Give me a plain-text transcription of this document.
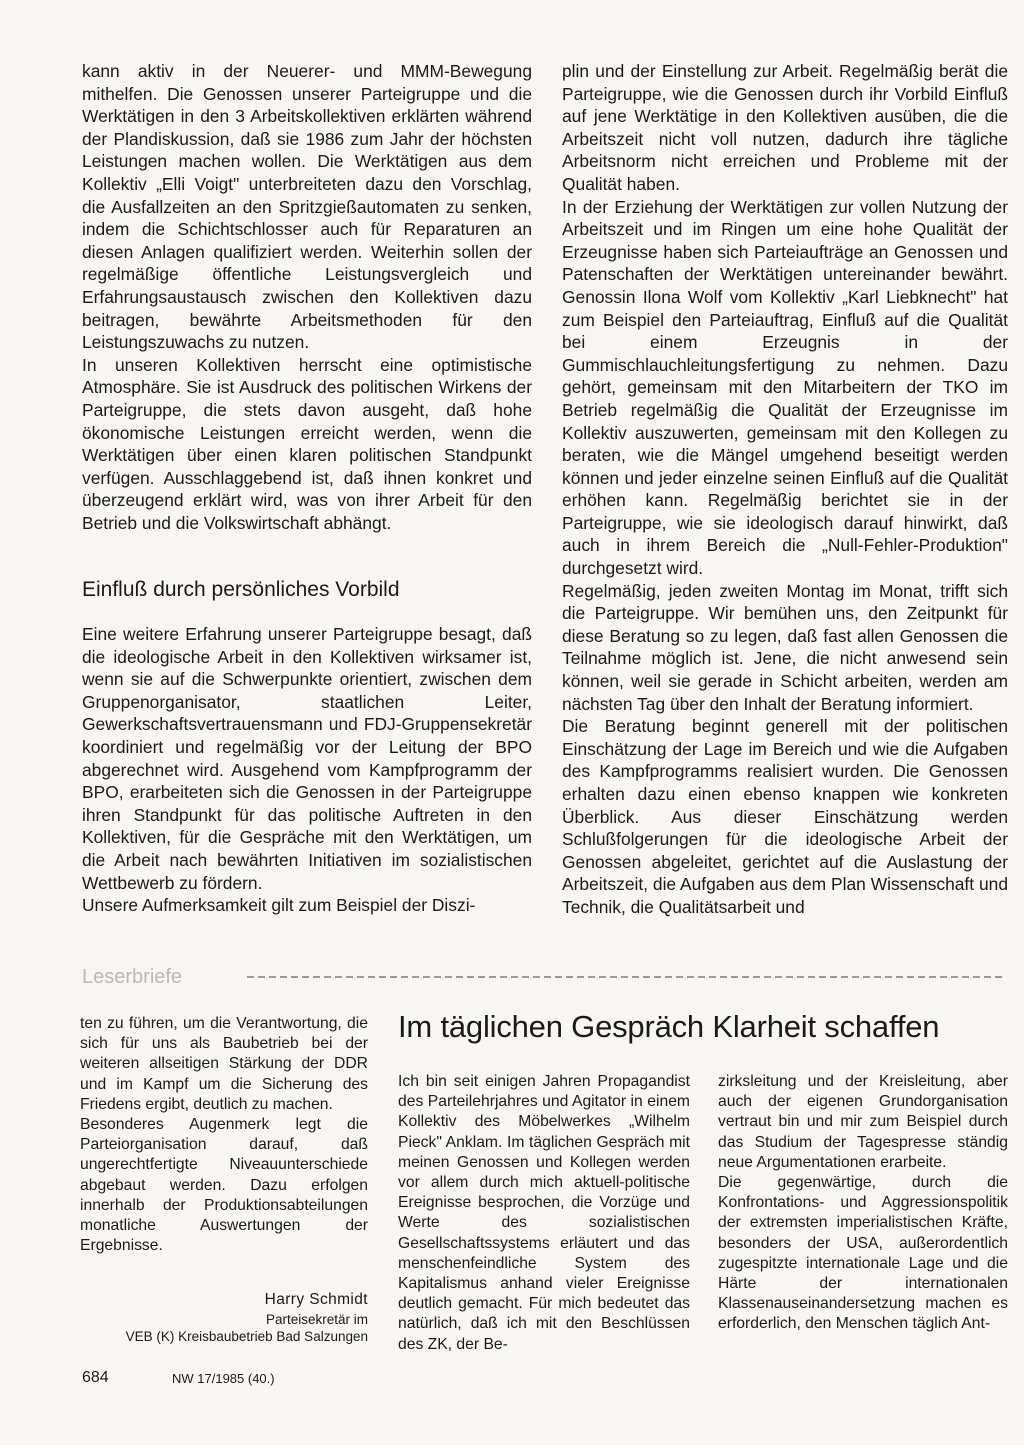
kann aktiv in der Neuerer- und MMM-Bewegung mithelfen. Die Genossen unserer Parteigruppe und die Werktätigen in den 3 Arbeitskollektiven erklärten während der Plandiskussion, daß sie 1986 zum Jahr der höchsten Leistungen machen wollen. Die Werktätigen aus dem Kollektiv „Elli Voigt" unterbreiteten dazu den Vorschlag, die Ausfallzeiten an den Spritzgießautomaten zu senken, indem die Schichtschlosser auch für Reparaturen an diesen Anlagen qualifiziert werden. Weiterhin sollen der regelmäßige öffentliche Leistungsvergleich und Erfahrungsaustausch zwischen den Kollektiven dazu beitragen, bewährte Arbeitsmethoden für den Leistungszuwachs zu nutzen.

In unseren Kollektiven herrscht eine optimistische Atmosphäre. Sie ist Ausdruck des politischen Wirkens der Parteigruppe, die stets davon ausgeht, daß hohe ökonomische Leistungen erreicht werden, wenn die Werktätigen über einen klaren politischen Standpunkt verfügen. Ausschlaggebend ist, daß ihnen konkret und überzeugend erklärt wird, was von ihrer Arbeit für den Betrieb und die Volkswirtschaft abhängt.

Einfluß durch persönliches Vorbild

Eine weitere Erfahrung unserer Parteigruppe besagt, daß die ideologische Arbeit in den Kollektiven wirksamer ist, wenn sie auf die Schwerpunkte orientiert, zwischen dem Gruppenorganisator, staatlichen Leiter, Gewerkschaftsvertrauensmann und FDJ-Gruppensekretär koordiniert und regelmäßig vor der Leitung der BPO abgerechnet wird. Ausgehend vom Kampfprogramm der BPO, erarbeiteten sich die Genossen in der Parteigruppe ihren Standpunkt für das politische Auftreten in den Kollektiven, für die Gespräche mit den Werktätigen, um die Arbeit nach bewährten Initiativen im sozialistischen Wettbewerb zu fördern.

Unsere Aufmerksamkeit gilt zum Beispiel der Diszi-

plin und der Einstellung zur Arbeit. Regelmäßig berät die Parteigruppe, wie die Genossen durch ihr Vorbild Einfluß auf jene Werktätige in den Kollektiven ausüben, die die Arbeitszeit nicht voll nutzen, dadurch ihre tägliche Arbeitsnorm nicht erreichen und Probleme mit der Qualität haben.

In der Erziehung der Werktätigen zur vollen Nutzung der Arbeitszeit und im Ringen um eine hohe Qualität der Erzeugnisse haben sich Parteiaufträge an Genossen und Patenschaften der Werktätigen untereinander bewährt. Genossin Ilona Wolf vom Kollektiv „Karl Liebknecht" hat zum Beispiel den Parteiauftrag, Einfluß auf die Qualität bei einem Erzeugnis in der Gummischlauchleitungsfertigung zu nehmen. Dazu gehört, gemeinsam mit den Mitarbeitern der TKO im Betrieb regelmäßig die Qualität der Erzeugnisse im Kollektiv auszuwerten, gemeinsam mit den Kollegen zu beraten, wie die Mängel umgehend beseitigt werden können und jeder einzelne seinen Einfluß auf die Qualität erhöhen kann. Regelmäßig berichtet sie in der Parteigruppe, wie sie ideologisch darauf hinwirkt, daß auch in ihrem Bereich die „Null-Fehler-Produktion" durchgesetzt wird.

Regelmäßig, jeden zweiten Montag im Monat, trifft sich die Parteigruppe. Wir bemühen uns, den Zeitpunkt für diese Beratung so zu legen, daß fast allen Genossen die Teilnahme möglich ist. Jene, die nicht anwesend sein können, weil sie gerade in Schicht arbeiten, werden am nächsten Tag über den Inhalt der Beratung informiert.

Die Beratung beginnt generell mit der politischen Einschätzung der Lage im Bereich und wie die Aufgaben des Kampfprogramms realisiert wurden. Die Genossen erhalten dazu einen ebenso knappen wie konkreten Überblick. Aus dieser Einschätzung werden Schlußfolgerungen für die ideologische Arbeit der Genossen abgeleitet, gerichtet auf die Auslastung der Arbeitszeit, die Aufgaben aus dem Plan Wissenschaft und Technik, die Qualitätsarbeit und

Leserbriefe

ten zu führen, um die Verantwortung, die sich für uns als Baubetrieb bei der weiteren allseitigen Stärkung der DDR und im Kampf um die Sicherung des Friedens ergibt, deutlich zu machen.

Besonderes Augenmerk legt die Parteiorganisation darauf, daß ungerechtfertigte Niveauunterschiede abgebaut werden. Dazu erfolgen innerhalb der Produktionsabteilungen monatliche Auswertungen der Ergebnisse.

Harry Schmidt
Parteisekretär im
VEB (K) Kreisbaubetrieb Bad Salzungen
Im täglichen Gespräch Klarheit schaffen

Ich bin seit einigen Jahren Propagandist des Parteilehrjahres und Agitator in einem Kollektiv des Möbelwerkes „Wilhelm Pieck" Anklam. Im täglichen Gespräch mit meinen Genossen und Kollegen werden vor allem durch mich aktuell-politische Ereignisse besprochen, die Vorzüge und Werte des sozialistischen Gesellschaftssystems erläutert und das menschenfeindliche System des Kapitalismus anhand vieler Ereignisse deutlich gemacht. Für mich bedeutet das natürlich, daß ich mit den Beschlüssen des ZK, der Be-

zirksleitung und der Kreisleitung, aber auch der eigenen Grundorganisation vertraut bin und mir zum Beispiel durch das Studium der Tagespresse ständig neue Argumentationen erarbeite.

Die gegenwärtige, durch die Konfrontations- und Aggressionspolitik der extremsten imperialistischen Kräfte, besonders der USA, außerordentlich zugespitzte internationale Lage und die Härte der internationalen Klassenauseinandersetzung machen es erforderlich, den Menschen täglich Ant-

684	NW 17/1985 (40.)
